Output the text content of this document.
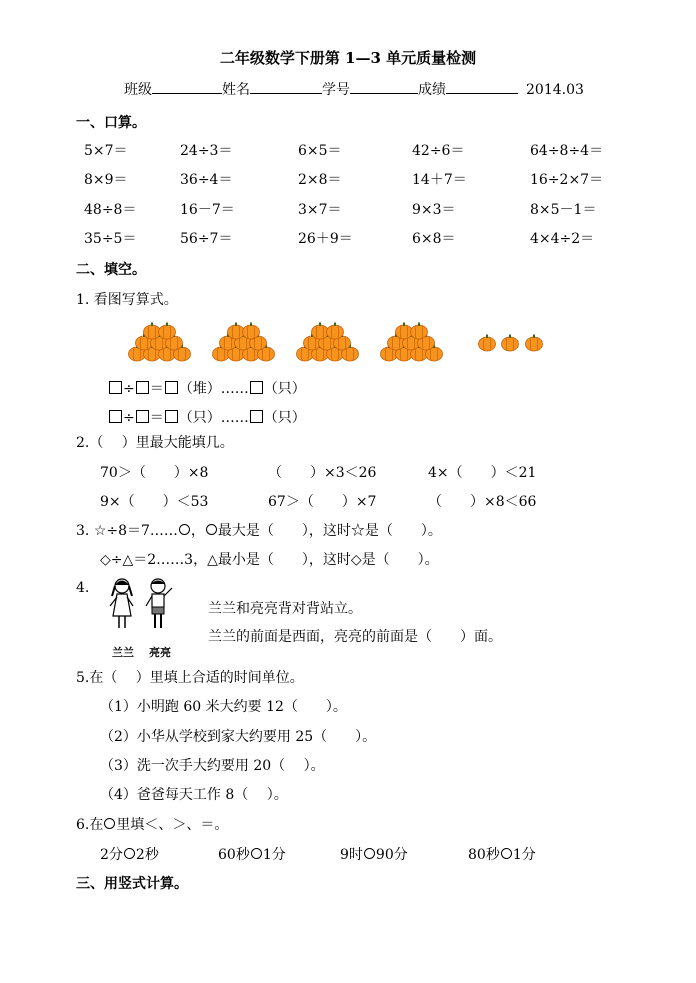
二年级数学下册第 1—3 单元质量检测
班级	姓名	学号	成绩	2014.03
一、口算。
5×7＝	24÷3＝	6×5＝	42÷6＝	64÷8÷4＝
8×9＝	36÷4＝	2×8＝	14＋7＝	16÷2×7＝
48÷8＝	16－7＝	3×7＝	9×3＝	8×5－1＝
35÷5＝	56÷7＝	26＋9＝	6×8＝	4×4÷2＝
二、填空。
1. 看图写算式。
÷ ＝ （堆）…… （只）
÷ ＝ （只）…… （只）
2.（　 ）里最大能填几。
70＞（　　）×8	（　　）×3＜26	4×（　　）＜21
9×（　　）＜53	67＞（　　）×7	（　　）×8＜66
3. ☆÷8＝7…… ， 最大是（　　），这时☆是（　　）。
◇÷△＝2……3，△最小是（　　），这时◇是（　　）。
4.
兰兰 亮亮
兰兰和亮亮背对背站立。
兰兰的前面是西面，亮亮的前面是（　　）面。
5.在（　 ）里填上合适的时间单位。
（1）小明跑 60 米大约要 12（　　）。
（2）小华从学校到家大约要用 25（　　）。
（3）洗一次手大约要用 20（　 ）。
（4）爸爸每天工作 8（　 ）。
6.在 里填＜、＞、＝。
2分 2秒	60秒 1分	9时 90分	80秒 1分
三、用竖式计算。
